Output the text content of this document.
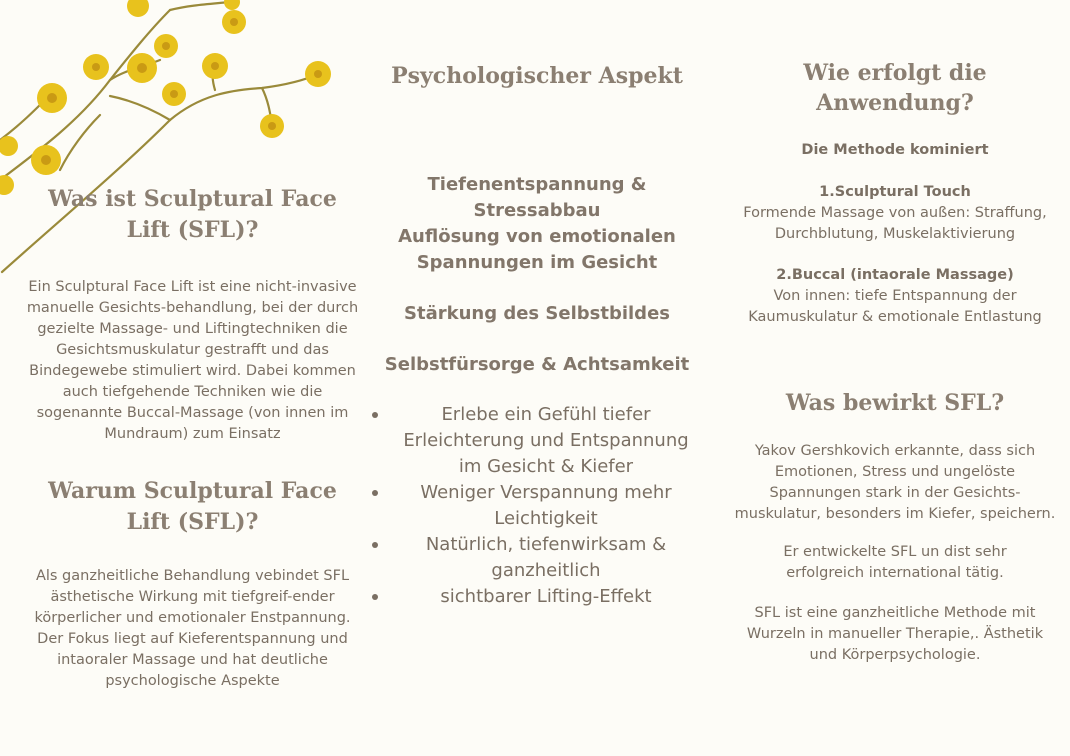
Was ist Sculptural Face Lift (SFL)?

Ein Sculptural Face Lift ist eine nicht-invasive manuelle Gesichts-behandlung, bei der durch gezielte Massage- und Liftingtechniken die Gesichtsmuskulatur gestrafft und das Bindegewebe stimuliert wird. Dabei kommen auch tiefgehende Techniken wie die sogenannte Buccal-Massage (von innen im Mundraum) zum Einsatz

Warum Sculptural Face Lift (SFL)?

Als ganzheitliche Behandlung vebindet SFL ästhetische Wirkung mit tiefgreif-ender körperlicher und emotionaler Enstpannung. Der Fokus liegt auf Kieferentspannung und intaoraler Massage und hat deutliche psychologische Aspekte

Psychologischer Aspekt

Tiefenentspannung & Stressabbau

Auflösung von emotionalen Spannungen im Gesicht

Stärkung des Selbstbildes

Selbstfürsorge & Achtsamkeit

Erlebe ein Gefühl tiefer Erleichterung und Entspannung im Gesicht & Kiefer
Weniger Verspannung mehr Leichtigkeit
Natürlich, tiefenwirksam & ganzheitlich
sichtbarer Lifting-Effekt
Wie erfolgt die Anwendung?

Die Methode kominiert

1.Sculptural Touch

Formende Massage von außen: Straffung, Durchblutung, Muskelaktivierung

2.Buccal (intaorale Massage)

Von innen: tiefe Entspannung der Kaumuskulatur & emotionale Entlastung

Was bewirkt SFL?

Yakov Gershkovich erkannte, dass sich Emotionen, Stress und ungelöste Spannungen stark in der Gesichts-muskulatur, besonders im Kiefer, speichern.

Er entwickelte SFL un dist sehr erfolgreich international tätig.

SFL ist eine ganzheitliche Methode mit Wurzeln in manueller Therapie,. Ästhetik und Körperpsychologie.
